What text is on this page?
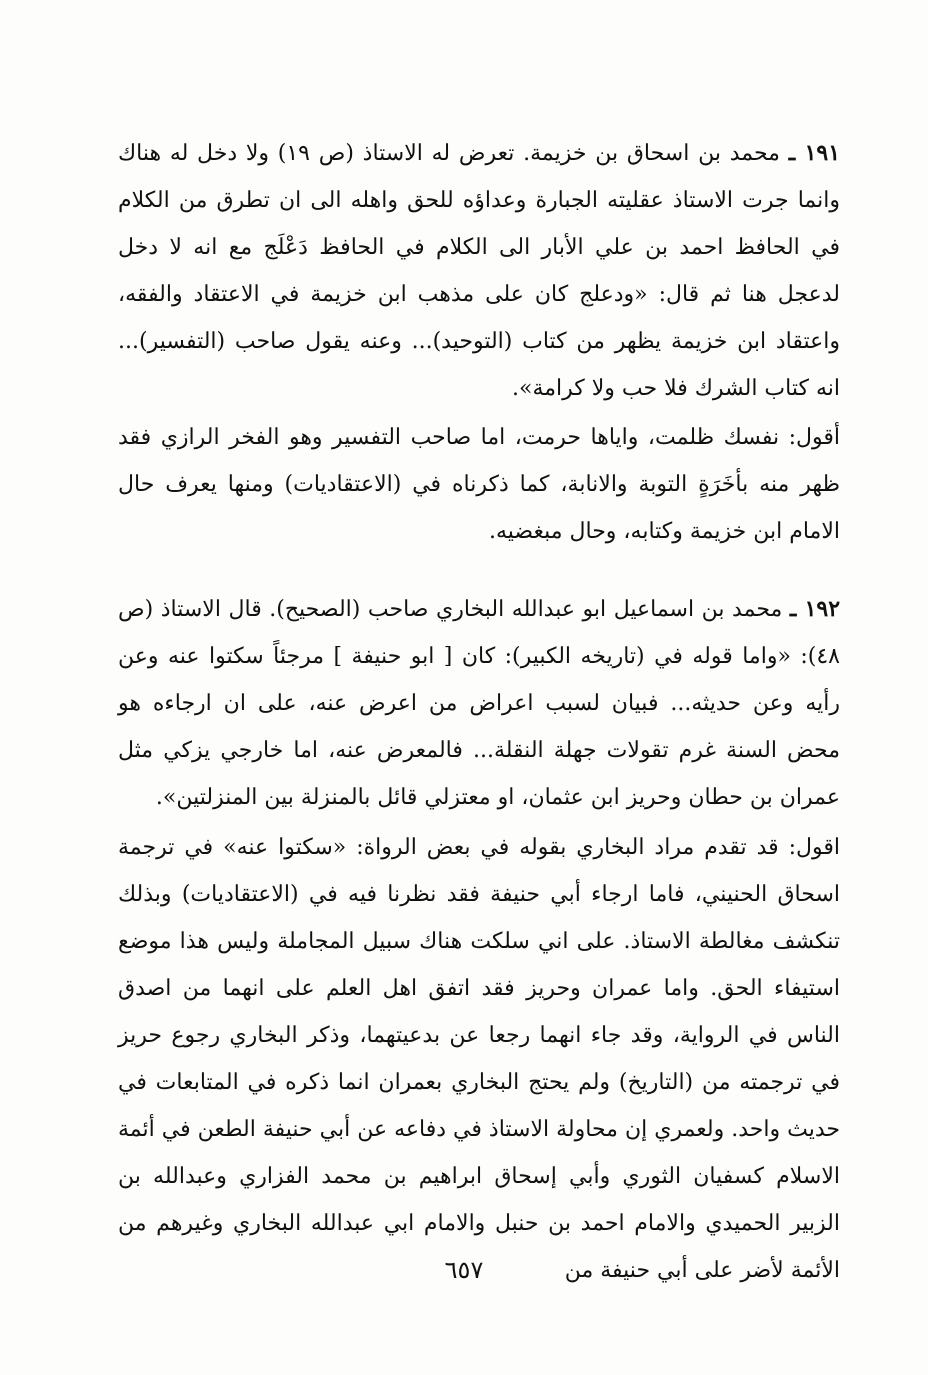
١٩١ ـ محمد بن اسحاق بن خزيمة. تعرض له الاستاذ (ص ١٩) ولا دخل له هناك وانما جرت الاستاذ عقليته الجبارة وعداؤه للحق واهله الى ان تطرق من الكلام في الحافظ احمد بن علي الأبار الى الكلام في الحافظ دَعْلَج مع انه لا دخل لدعجل هنا ثم قال: «ودعلج كان على مذهب ابن خزيمة في الاعتقاد والفقه، واعتقاد ابن خزيمة يظهر من كتاب (التوحيد)... وعنه يقول صاحب (التفسير)... انه كتاب الشرك فلا حب ولا كرامة».

أقول: نفسك ظلمت، واياها حرمت، اما صاحب التفسير وهو الفخر الرازي فقد ظهر منه بأخَرَةٍ التوبة والانابة، كما ذكرناه في (الاعتقاديات) ومنها يعرف حال الامام ابن خزيمة وكتابه، وحال مبغضيه.

١٩٢ ـ محمد بن اسماعيل ابو عبدالله البخاري صاحب (الصحيح). قال الاستاذ (ص ٤٨): «واما قوله في (تاريخه الكبير): كان [ ابو حنيفة ] مرجئاً سكتوا عنه وعن رأيه وعن حديثه... فبيان لسبب اعراض من اعرض عنه، على ان ارجاءه هو محض السنة غرم تقولات جهلة النقلة... فالمعرض عنه، اما خارجي يزكي مثل عمران بن حطان وحريز ابن عثمان، او معتزلي قائل بالمنزلة بين المنزلتين».

اقول: قد تقدم مراد البخاري بقوله في بعض الرواة: «سكتوا عنه» في ترجمة اسحاق الحنيني، فاما ارجاء أبي حنيفة فقد نظرنا فيه في (الاعتقاديات) وبذلك تنكشف مغالطة الاستاذ. على اني سلكت هناك سبيل المجاملة وليس هذا موضع استيفاء الحق. واما عمران وحريز فقد اتفق اهل العلم على انهما من اصدق الناس في الرواية، وقد جاء انهما رجعا عن بدعيتهما، وذكر البخاري رجوع حريز في ترجمته من (التاريخ) ولم يحتج البخاري بعمران انما ذكره في المتابعات في حديث واحد. ولعمري إن محاولة الاستاذ في دفاعه عن أبي حنيفة الطعن في أئمة الاسلام كسفيان الثوري وأبي إسحاق ابراهيم بن محمد الفزاري وعبدالله بن الزبير الحميدي والامام احمد بن حنبل والامام ابي عبدالله البخاري وغيرهم من الأئمة لأضر على أبي حنيفة من

٦٥٧
